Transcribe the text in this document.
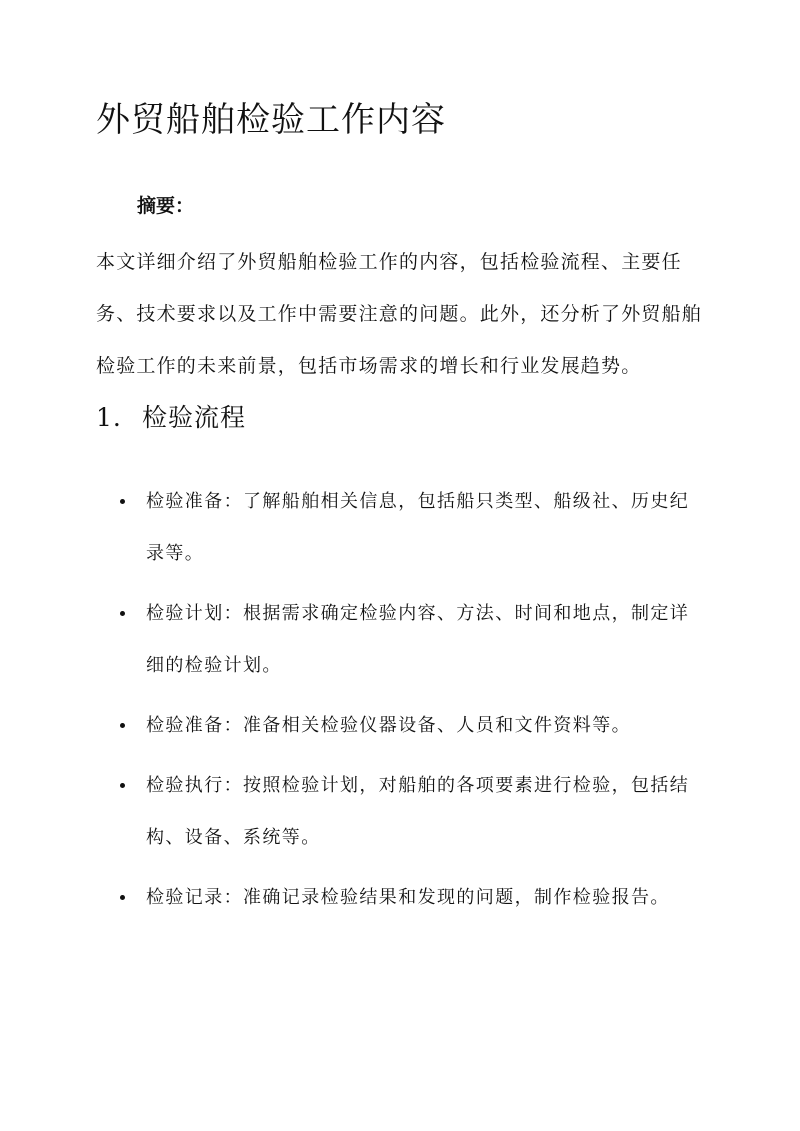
外贸船舶检验工作内容
摘要：

本文详细介绍了外贸船舶检验工作的内容，包括检验流程、主要任务、技术要求以及工作中需要注意的问题。此外，还分析了外贸船舶检验工作的未来前景，包括市场需求的增长和行业发展趋势。

1. 检验流程
检验准备：了解船舶相关信息，包括船只类型、船级社、历史纪录等。
检验计划：根据需求确定检验内容、方法、时间和地点，制定详细的检验计划。
检验准备：准备相关检验仪器设备、人员和文件资料等。
检验执行：按照检验计划，对船舶的各项要素进行检验，包括结构、设备、系统等。
检验记录：准确记录检验结果和发现的问题，制作检验报告。
